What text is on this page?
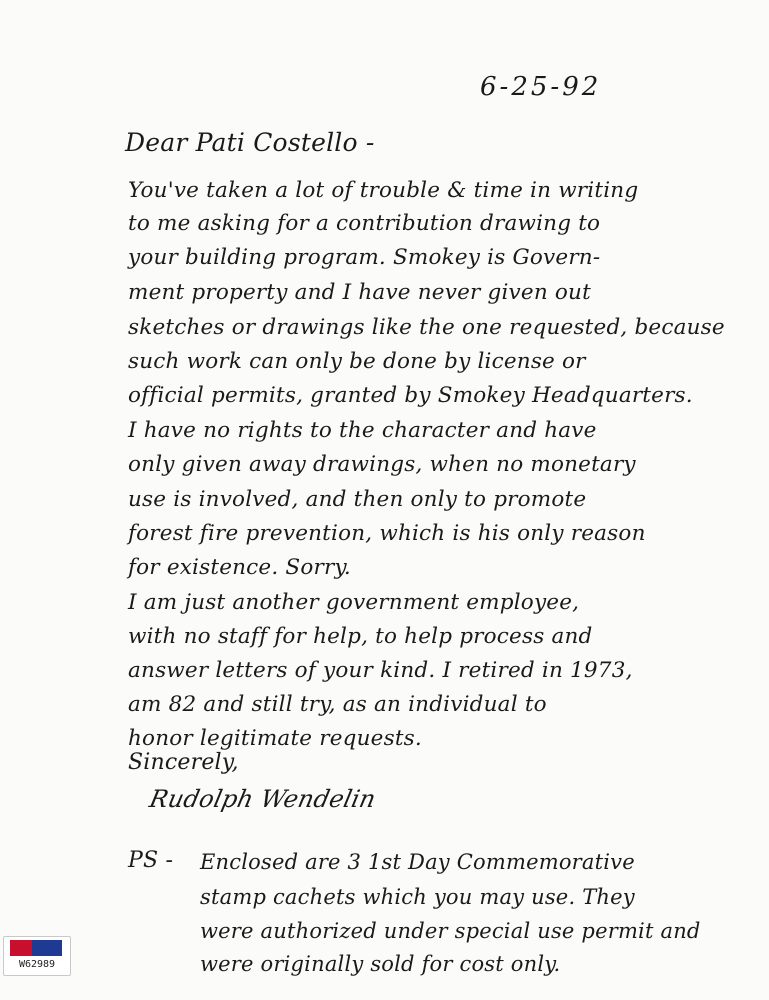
6-25-92
Dear Pati Costello -
You've taken a lot of trouble & time in writing
to me asking for a contribution drawing to
your building program. Smokey is Govern-
ment property and I have never given out
sketches or drawings like the one requested, because
such work can only be done by license or
official permits, granted by Smokey Headquarters.
I have no rights to the character and have
only given away drawings, when no monetary
use is involved, and then only to promote
forest fire prevention, which is his only reason
for existence. Sorry.
I am just another government employee,
with no staff for help, to help process and
answer letters of your kind. I retired in 1973,
am 82 and still try, as an individual to
honor legitimate requests.
Sincerely,
Rudolph Wendelin
PS - Enclosed are 3 1st Day Commemorative
stamp cachets which you may use. They
were authorized under special use permit and
were originally sold for cost only.
W62989
